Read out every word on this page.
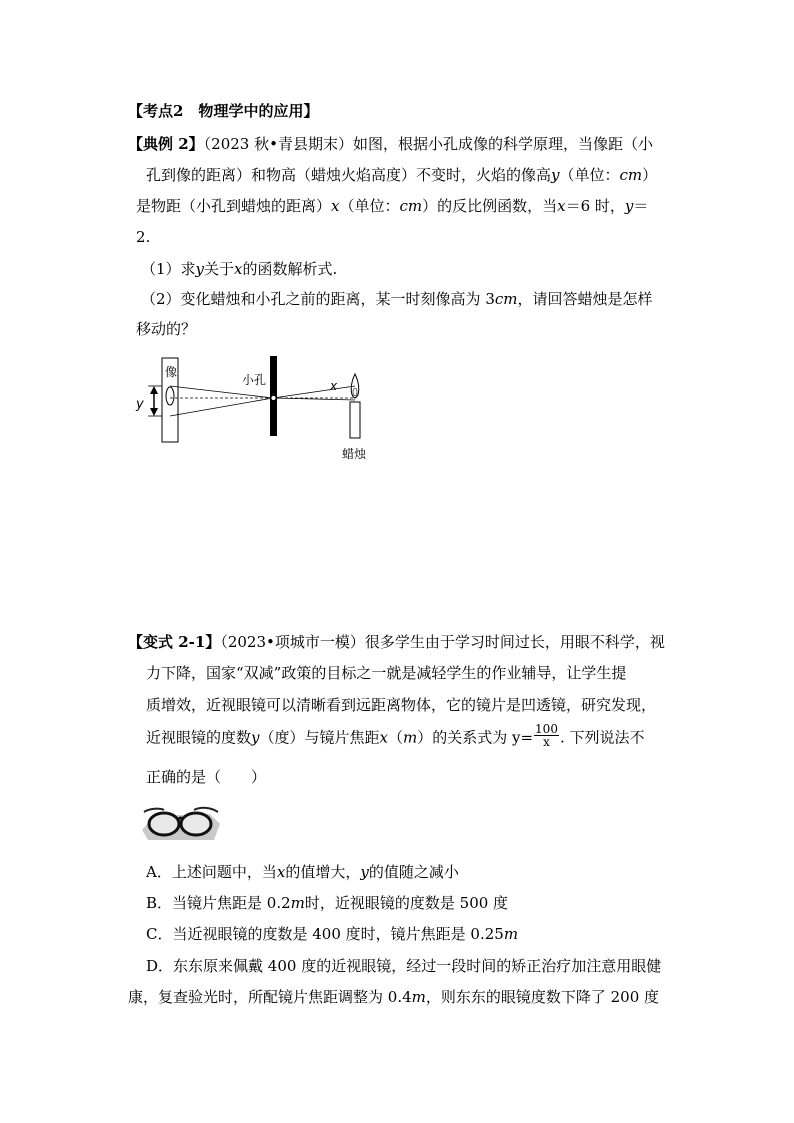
【考点2　物理学中的应用】
【典例 2】（2023 秋•青县期末）如图，根据小孔成像的科学原理，当像距（小
孔到像的距离）和物高（蜡烛火焰高度）不变时，火焰的像高y（单位：cm）
是物距（小孔到蜡烛的距离）x（单位：cm）的反比例函数，当x＝6 时，y＝
2.
（1）求y关于x的函数解析式.
（2）变化蜡烛和小孔之前的距离，某一时刻像高为 3cm，请回答蜡烛是怎样
移动的？
像
y
小孔	x
蜡烛
【变式 2-1】（2023•项城市一模）很多学生由于学习时间过长，用眼不科学，视
力下降，国家“双减”政策的目标之一就是减轻学生的作业辅导，让学生提
质增效，近视眼镜可以清晰看到远距离物体，它的镜片是凹透镜，研究发现，
近视眼镜的度数y（度）与镜片焦距x（m）的关系式为 $y= \frac{100}{x}$ . 下列说法不
正确的是（　　）
A．上述问题中，当x的值增大，y的值随之减小
B．当镜片焦距是 0.2m时，近视眼镜的度数是 500 度
C．当近视眼镜的度数是 400 度时，镜片焦距是 0.25m
D．东东原来佩戴 400 度的近视眼镜，经过一段时间的矫正治疗加注意用眼健
康，复查验光时，所配镜片焦距调整为 0.4m，则东东的眼镜度数下降了 200 度
